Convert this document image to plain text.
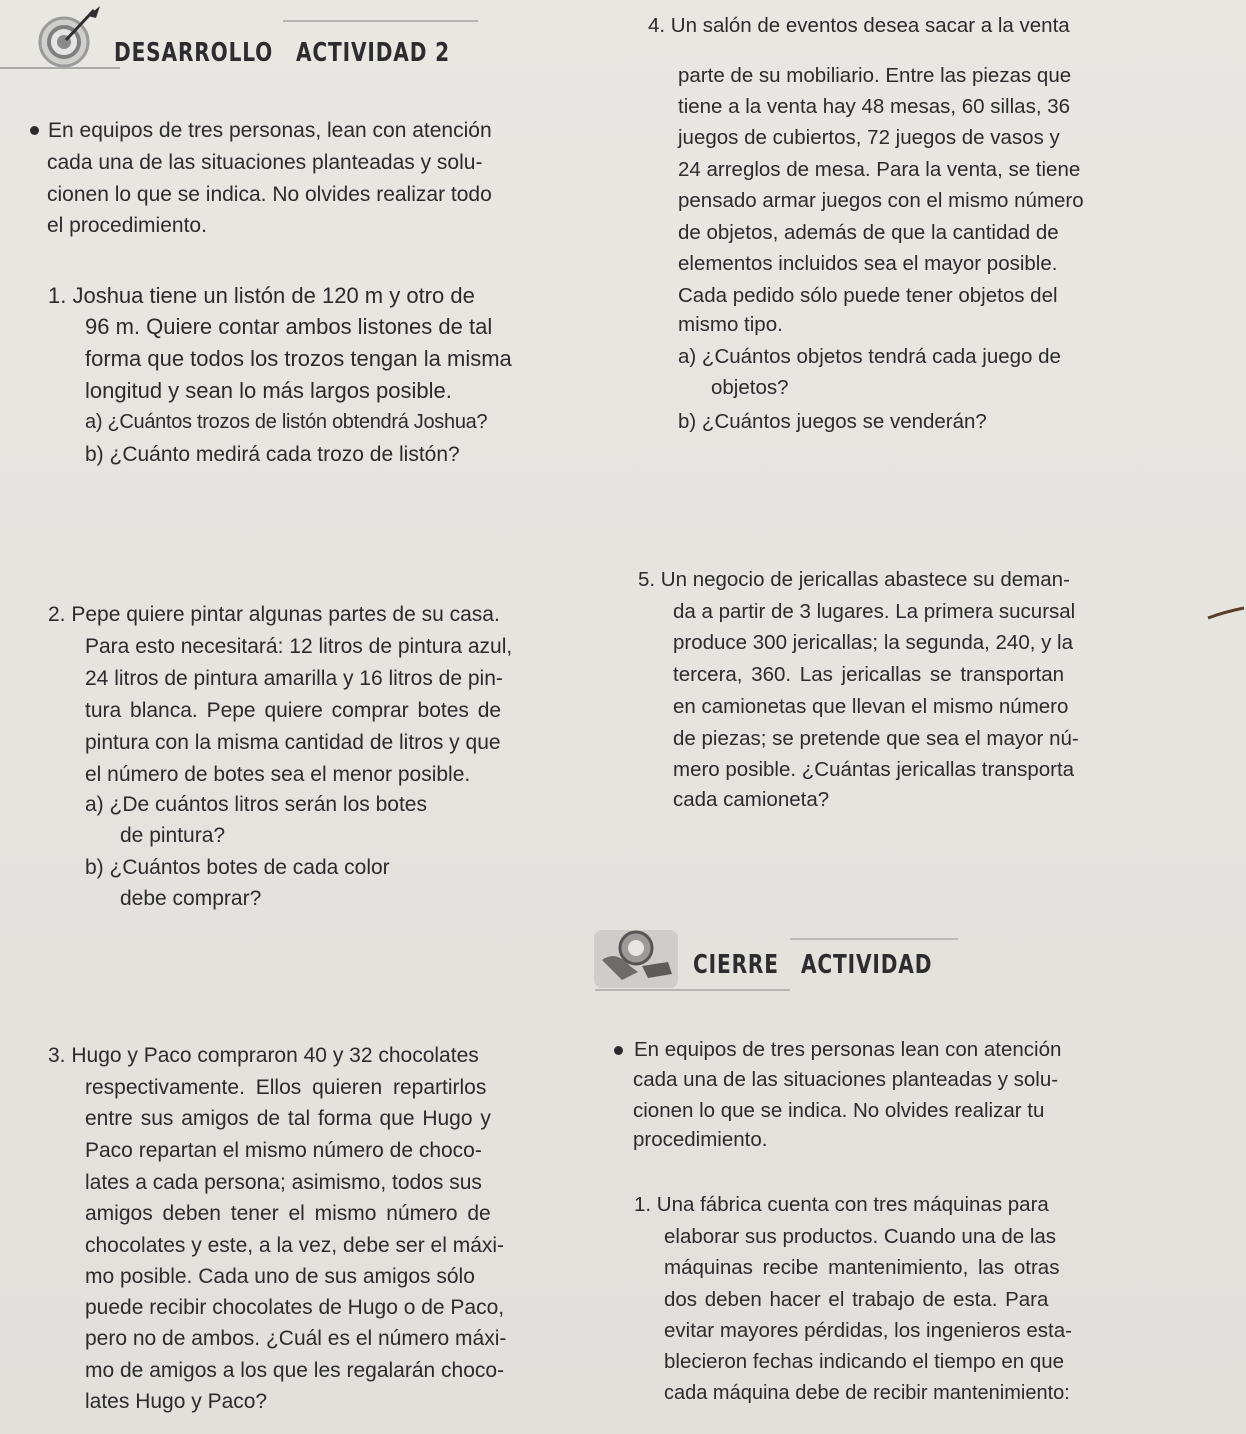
DESARROLLO ACTIVIDAD 2
En equipos de tres personas, lean con atención
cada una de las situaciones planteadas y solu-
cionen lo que se indica. No olvides realizar todo
el procedimiento.
1. Joshua tiene un listón de 120 m y otro de
96 m. Quiere contar ambos listones de tal
forma que todos los trozos tengan la misma
longitud y sean lo más largos posible.
a) ¿Cuántos trozos de listón obtendrá Joshua?
b) ¿Cuánto medirá cada trozo de listón?
2. Pepe quiere pintar algunas partes de su casa.
Para esto necesitará: 12 litros de pintura azul,
24 litros de pintura amarilla y 16 litros de pin-
tura blanca. Pepe quiere comprar botes de
pintura con la misma cantidad de litros y que
el número de botes sea el menor posible.
a) ¿De cuántos litros serán los botes
de pintura?
b) ¿Cuántos botes de cada color
debe comprar?
3. Hugo y Paco compraron 40 y 32 chocolates
respectivamente. Ellos quieren repartirlos
entre sus amigos de tal forma que Hugo y
Paco repartan el mismo número de choco-
lates a cada persona; asimismo, todos sus
amigos deben tener el mismo número de
chocolates y este, a la vez, debe ser el máxi-
mo posible. Cada uno de sus amigos sólo
puede recibir chocolates de Hugo o de Paco,
pero no de ambos. ¿Cuál es el número máxi-
mo de amigos a los que les regalarán choco-
lates Hugo y Paco?
4. Un salón de eventos desea sacar a la venta
parte de su mobiliario. Entre las piezas que
tiene a la venta hay 48 mesas, 60 sillas, 36
juegos de cubiertos, 72 juegos de vasos y
24 arreglos de mesa. Para la venta, se tiene
pensado armar juegos con el mismo número
de objetos, además de que la cantidad de
elementos incluidos sea el mayor posible.
Cada pedido sólo puede tener objetos del
mismo tipo.
a) ¿Cuántos objetos tendrá cada juego de
objetos?
b) ¿Cuántos juegos se venderán?
5. Un negocio de jericallas abastece su deman-
da a partir de 3 lugares. La primera sucursal
produce 300 jericallas; la segunda, 240, y la
tercera, 360. Las jericallas se transportan
en camionetas que llevan el mismo número
de piezas; se pretende que sea el mayor nú-
mero posible. ¿Cuántas jericallas transporta
cada camioneta?
CIERRE ACTIVIDAD
En equipos de tres personas lean con atención
cada una de las situaciones planteadas y solu-
cionen lo que se indica. No olvides realizar tu
procedimiento.
1. Una fábrica cuenta con tres máquinas para
elaborar sus productos. Cuando una de las
máquinas recibe mantenimiento, las otras
dos deben hacer el trabajo de esta. Para
evitar mayores pérdidas, los ingenieros esta-
blecieron fechas indicando el tiempo en que
cada máquina debe de recibir mantenimiento:
